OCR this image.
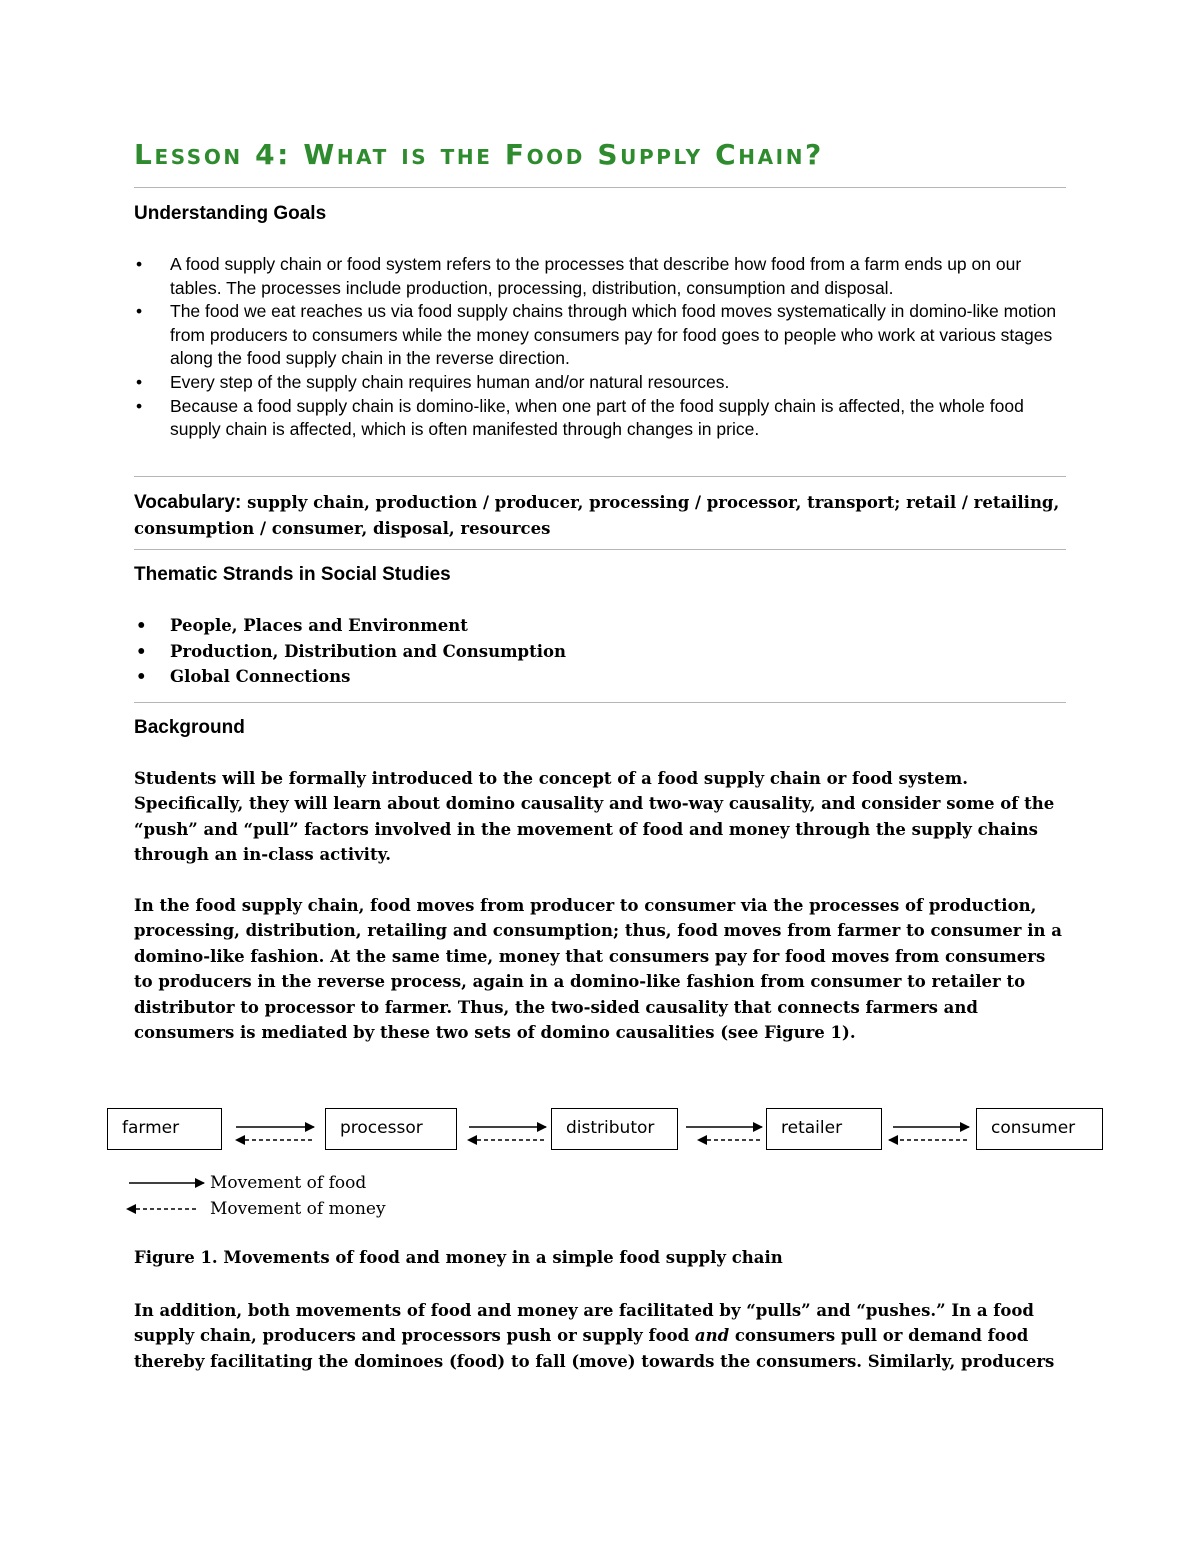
Lesson 4: What is the Food Supply Chain?
Understanding Goals
• A food supply chain or food system refers to the processes that describe how food from a farm ends up on our tables. The processes include production, processing, distribution, consumption and disposal.
• The food we eat reaches us via food supply chains through which food moves systematically in domino-like motion from producers to consumers while the money consumers pay for food goes to people who work at various stages along the food supply chain in the reverse direction.
• Every step of the supply chain requires human and/or natural resources.
• Because a food supply chain is domino-like, when one part of the food supply chain is affected, the whole food supply chain is affected, which is often manifested through changes in price.

Vocabulary: supply chain, production / producer, processing / processor, transport; retail / retailing, consumption / consumer, disposal, resources

Thematic Strands in Social Studies
• People, Places and Environment
• Production, Distribution and Consumption
• Global Connections
Background

Students will be formally introduced to the concept of a food supply chain or food system. Specifically, they will learn about domino causality and two-way causality, and consider some of the “push” and “pull” factors involved in the movement of food and money through the supply chains through an in-class activity.

In the food supply chain, food moves from producer to consumer via the processes of production, processing, distribution, retailing and consumption; thus, food moves from farmer to consumer in a domino-like fashion. At the same time, money that consumers pay for food moves from consumers to producers in the reverse process, again in a domino-like fashion from consumer to retailer to distributor to processor to farmer. Thus, the two-sided causality that connects farmers and consumers is mediated by these two sets of domino causalities (see Figure 1).

farmer	processor	distributor	retailer	consumer

Movement of food

Movement of money

Figure 1. Movements of food and money in a simple food supply chain

In addition, both movements of food and money are facilitated by “pulls” and “pushes.” In a food supply chain, producers and processors push or supply food and consumers pull or demand food thereby facilitating the dominoes (food) to fall (move) towards the consumers. Similarly, producers
